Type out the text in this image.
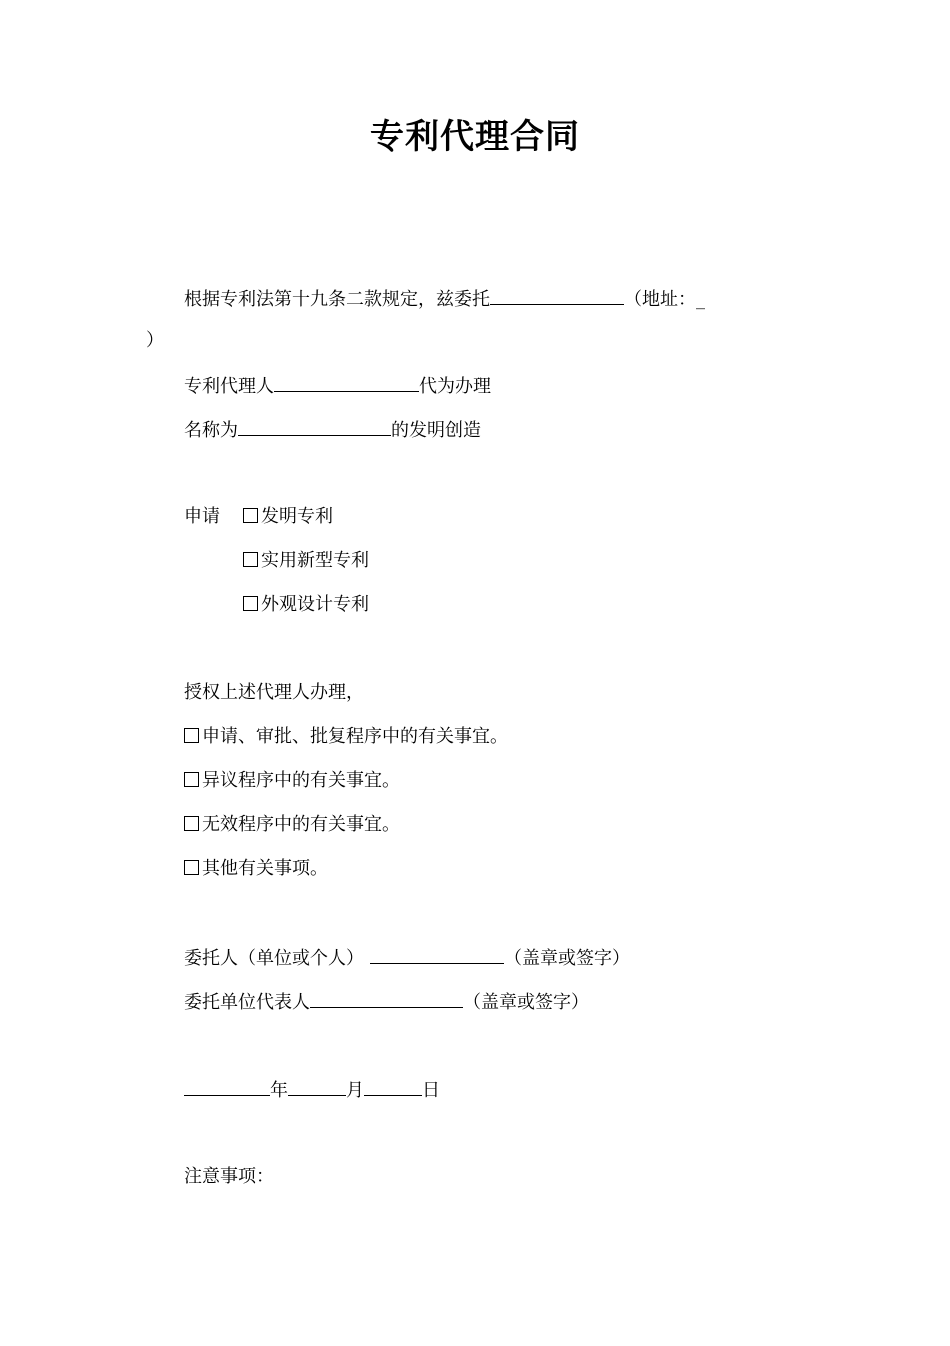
专利代理合同
根据专利法第十九条二款规定，兹委托	（地址：_
）
专利代理人	代为办理
名称为	的发明创造
申请	发明专利
实用新型专利
外观设计专利
授权上述代理人办理，
申请、审批、批复程序中的有关事宜。
异议程序中的有关事宜。
无效程序中的有关事宜。
其他有关事项。
委托人（单位或个人）	（盖章或签字）
委托单位代表人	（盖章或签字）
年	月	日
注意事项：
